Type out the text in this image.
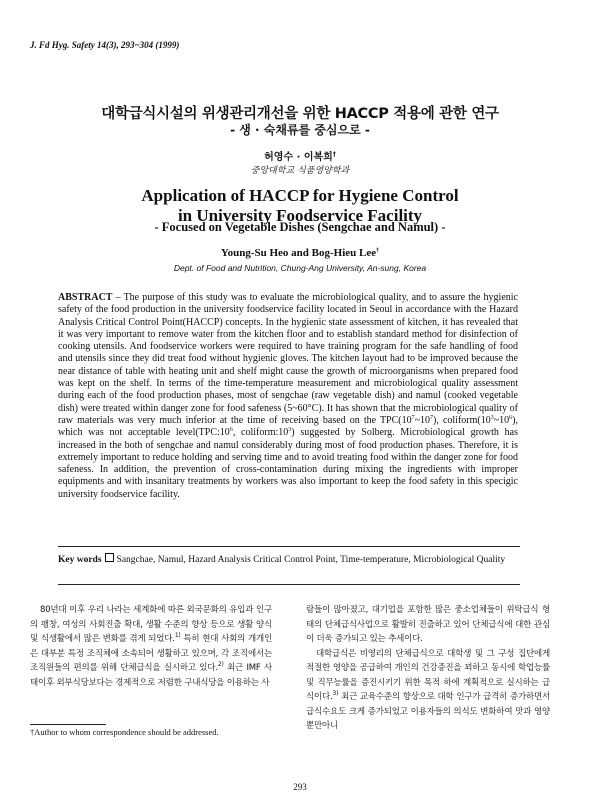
J. Fd Hyg. Safety 14(3), 293~304 (1999)
대학급식시설의 위생관리개선을 위한 HACCP 적용에 관한 연구
- 생 · 숙채류를 중심으로 -
허영수 · 이복희†
중앙대학교 식품영양학과
Application of HACCP for Hygiene Control
in University Foodservice Facility
- Focused on Vegetable Dishes (Sengchae and Namul) -
Young-Su Heo and Bog-Hieu Lee†
Dept. of Food and Nutrition, Chung-Ang University, An-sung, Korea

ABSTRACT – The purpose of this study was to evaluate the microbiological quality, and to assure the hygienic safety of the food production in the university foodservice facility located in Seoul in accordance with the Hazard Analysis Critical Control Point(HACCP) concepts. In the hygienic state assessment of kitchen, it has revealed that it was very important to remove water from the kitchen floor and to establish standard method for disinfection of cooking utensils. And foodservice workers were required to have training program for the safe handling of food and utensils since they did treat food without hygienic gloves. The kitchen layout had to be improved because the near distance of table with heating unit and shelf might cause the growth of microorganisms when prepared food was kept on the shelf. In terms of the time-temperature measurement and microbiological quality assessment during each of the food production phases, most of sengchae (raw vegetable dish) and namul (cooked vegetable dish) were treated within danger zone for food safeness (5~60°C). It has shown that the microbiological quality of raw materials was very much inferior at the time of receiving based on the $TPC(10^7\sim 10^7)$, $coliform(10^3\sim 10^6)$, which was not acceptable $level(TPC:10^6$, $coliform:10^3$) suggested by Solberg. Microbiological growth has increased in the both of sengchae and namul considerably during most of food production phases. Therefore, it is extremely important to reduce holding and serving time and to avoid treating food within the danger zone for food safeness. In addition, the prevention of cross-contamination during mixing the ingredients with improper equipments and with insanitary treatments by workers was also important to keep the food safety in this specigic university foodservice facility.

Key words Sangchae, Namul, Hazard Analysis Critical Control Point, Time-temperature, Microbiological Quality

80년대 이후 우리 나라는 세계화에 따른 외국문화의 유입과 인구의 팽창, 여성의 사회진출 확대, 생활 수준의 향상 등으로 생활 양식 및 식생활에서 많은 변화를 겪게 되었다.$^{1)}$ 특히 현대 사회의 개개인은 대부분 특정 조직체에 소속되어 생활하고 있으며, 각 조직에서는 조직원들의 편의를 위해 단체급식을 실시하고 있다.$^{2)}$ 최근 IMF 사태이후 외부식당보다는 경제적으로 저렴한 구내식당을 이용하는 사

람들이 많아졌고, 대기업을 포함한 많은 중소업체들이 위탁급식 형태의 단체급식사업으로 활발히 진출하고 있어 단체급식에 대한 관심이 더욱 증가되고 있는 추세이다.

대학급식은 비영리의 단체급식으로 대학생 및 그 구성 집단에게 적절한 영양을 공급하여 개인의 건강증진을 꾀하고 동시에 학업능률 및 직무능률을 증진시키기 위한 목적 하에 계획적으로 실시하는 급식이다.$^{3)}$ 최근 교육수준의 향상으로 대학 인구가 급격히 증가하면서 급식수요도 크게 증가되었고 이용자들의 의식도 변화하여 맛과 영양뿐만아니

†Author to whom correspondence should be addressed.
293
